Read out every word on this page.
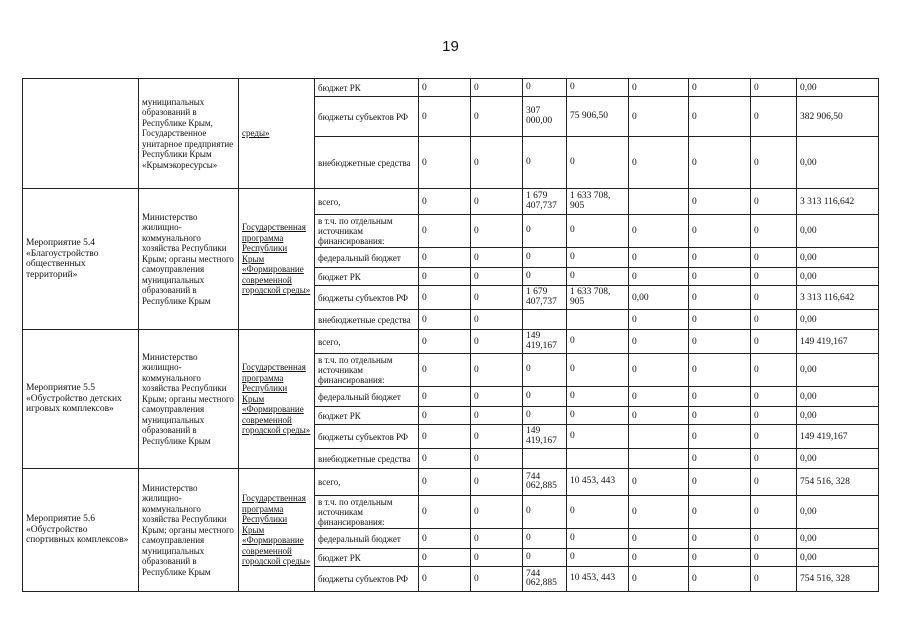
19
	муниципальных образований в Республике Крым, Государственное унитарное предприятие Республики Крым «Крымэкоресурсы»	среды»	бюджет РК	0	0	0	0	0	0	0	0,00
			бюджеты субъектов РФ	0	0	307 000,00	75 906,50	0	0	0	382 906,50
			внебюджетные средства	0	0	0	0	0	0	0	0,00
Мероприятие 5.4 «Благоустройство общественных территорий»	Министерство жилищно-коммунального хозяйства Республики Крым; органы местного самоуправления муниципальных образований в Республике Крым	Государственная программа Республики Крым «Формирование современной городской среды»	всего,	0	0	1 679 407,737	1 633 708, 905		0	0	3 313 116,642
			в т.ч. по отдельным источникам финансирования:	0	0	0	0	0	0	0	0,00
			федеральный бюджет	0	0	0	0	0	0	0	0,00
			бюджет РК	0	0	0	0	0	0	0	0,00
			бюджеты субъектов РФ	0	0	1 679 407,737	1 633 708, 905	0,00	0	0	3 313 116,642
			внебюджетные средства	0	0			0	0	0	0,00
Мероприятие 5.5 «Обустройство детских игровых комплексов»	Министерство жилищно-коммунального хозяйства Республики Крым; органы местного самоуправления муниципальных образований в Республике Крым	Государственная программа Республики Крым «Формирование современной городской среды»	всего,	0	0	149 419,167	0	0	0	0	149 419,167
			в т.ч. по отдельным источникам финансирования:	0	0	0	0	0	0	0	0,00
			федеральный бюджет	0	0	0	0	0	0	0	0,00
			бюджет РК	0	0	0	0	0	0	0	0,00
			бюджеты субъектов РФ	0	0	149 419,167	0		0	0	149 419,167
			внебюджетные средства	0	0				0	0	0,00
Мероприятие 5.6 «Обустройство спортивных комплексов»	Министерство жилищно-коммунального хозяйства Республики Крым; органы местного самоуправления муниципальных образований в Республике Крым	Государственная программа Республики Крым «Формирование современной городской среды»	всего,	0	0	744 062,885	10 453, 443	0	0	0	754 516, 328
			в т.ч. по отдельным источникам финансирования:	0	0	0	0	0	0	0	0,00
			федеральный бюджет	0	0	0	0	0	0	0	0,00
			бюджет РК	0	0	0	0	0	0	0	0,00
			бюджеты субъектов РФ	0	0	744 062,885	10 453, 443	0	0	0	754 516, 328
